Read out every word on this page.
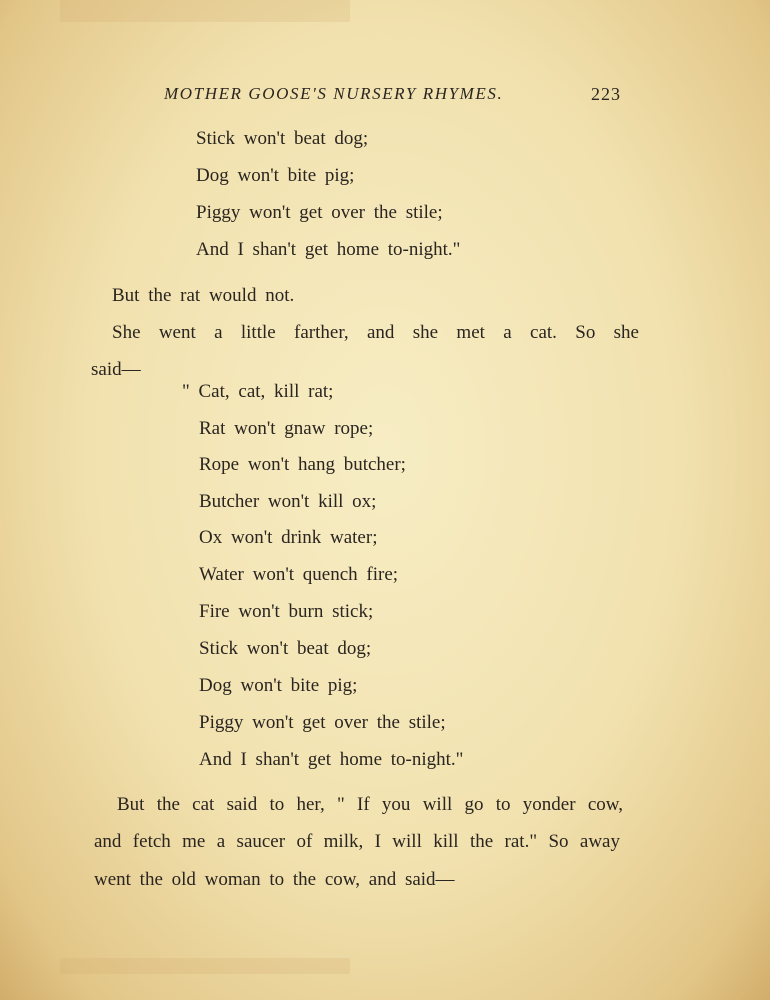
MOTHER GOOSE'S NURSERY RHYMES.	223
Stick won't beat dog;
Dog won't bite pig;
Piggy won't get over the stile;
And I shan't get home to-night."
But the rat would not.
She went a little farther, and she met a cat. So she
said—
" Cat, cat, kill rat;
Rat won't gnaw rope;
Rope won't hang butcher;
Butcher won't kill ox;
Ox won't drink water;
Water won't quench fire;
Fire won't burn stick;
Stick won't beat dog;
Dog won't bite pig;
Piggy won't get over the stile;
And I shan't get home to-night."
But the cat said to her, " If you will go to yonder cow,
and fetch me a saucer of milk, I will kill the rat." So away
went the old woman to the cow, and said—
